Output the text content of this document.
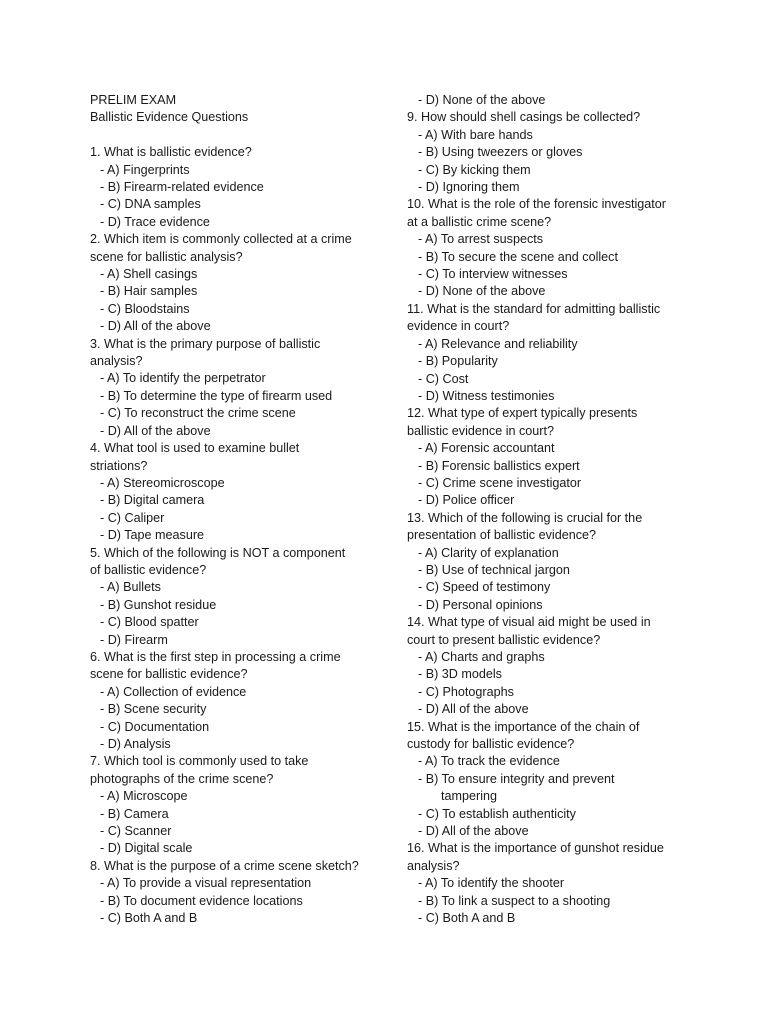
PRELIM EXAM
Ballistic Evidence Questions
1. What is ballistic evidence?
- A) Fingerprints
- B) Firearm-related evidence
- C) DNA samples
- D) Trace evidence
2. Which item is commonly collected at a crime
scene for ballistic analysis?
- A) Shell casings
- B) Hair samples
- C) Bloodstains
- D) All of the above
3. What is the primary purpose of ballistic
analysis?
- A) To identify the perpetrator
- B) To determine the type of firearm used
- C) To reconstruct the crime scene
- D) All of the above
4. What tool is used to examine bullet
striations?
- A) Stereomicroscope
- B) Digital camera
- C) Caliper
- D) Tape measure
5. Which of the following is NOT a component
of ballistic evidence?
- A) Bullets
- B) Gunshot residue
- C) Blood spatter
- D) Firearm
6. What is the first step in processing a crime
scene for ballistic evidence?
- A) Collection of evidence
- B) Scene security
- C) Documentation
- D) Analysis
7. Which tool is commonly used to take
photographs of the crime scene?
- A) Microscope
- B) Camera
- C) Scanner
- D) Digital scale
8. What is the purpose of a crime scene sketch?
- A) To provide a visual representation
- B) To document evidence locations
- C) Both A and B
- D) None of the above
9. How should shell casings be collected?
- A) With bare hands
- B) Using tweezers or gloves
- C) By kicking them
- D) Ignoring them
10. What is the role of the forensic investigator
at a ballistic crime scene?
- A) To arrest suspects
- B) To secure the scene and collect
- C) To interview witnesses
- D) None of the above
11. What is the standard for admitting ballistic
evidence in court?
- A) Relevance and reliability
- B) Popularity
- C) Cost
- D) Witness testimonies
12. What type of expert typically presents
ballistic evidence in court?
- A) Forensic accountant
- B) Forensic ballistics expert
- C) Crime scene investigator
- D) Police officer
13. Which of the following is crucial for the
presentation of ballistic evidence?
- A) Clarity of explanation
- B) Use of technical jargon
- C) Speed of testimony
- D) Personal opinions
14. What type of visual aid might be used in
court to present ballistic evidence?
- A) Charts and graphs
- B) 3D models
- C) Photographs
- D) All of the above
15. What is the importance of the chain of
custody for ballistic evidence?
- A) To track the evidence
- B) To ensure integrity and prevent
tampering
- C) To establish authenticity
- D) All of the above
16. What is the importance of gunshot residue
analysis?
- A) To identify the shooter
- B) To link a suspect to a shooting
- C) Both A and B
